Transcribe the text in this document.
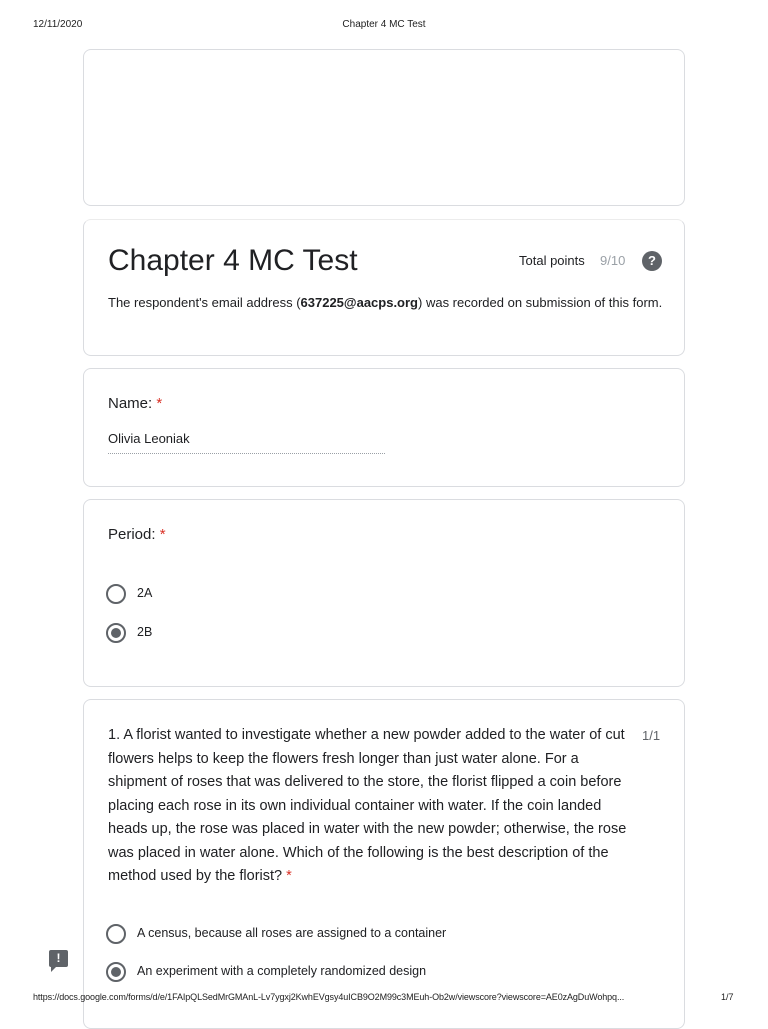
12/11/2020	Chapter 4 MC Test
Chapter 4 MC Test	Total points 9/10	?
The respondent's email address (637225@aacps.org) was recorded on submission of this form.
Name: *
Olivia Leoniak
Period: *
2A
2B
1. A florist wanted to investigate whether a new powder added to the water of cut flowers helps to keep the flowers fresh longer than just water alone. For a shipment of roses that was delivered to the store, the florist flipped a coin before placing each rose in its own individual container with water. If the coin landed heads up, the rose was placed in water with the new powder; otherwise, the rose was placed in water alone. Which of the following is the best description of the method used by the florist? *
1/1
A census, because all roses are assigned to a container
An experiment with a completely randomized design
!
https://docs.google.com/forms/d/e/1FAIpQLSedMrGMAnL-Lv7ygxj2KwhEVgsy4uICB9O2M99c3MEuh-Ob2w/viewscore?viewscore=AE0zAgDuWohpq...	1/7
